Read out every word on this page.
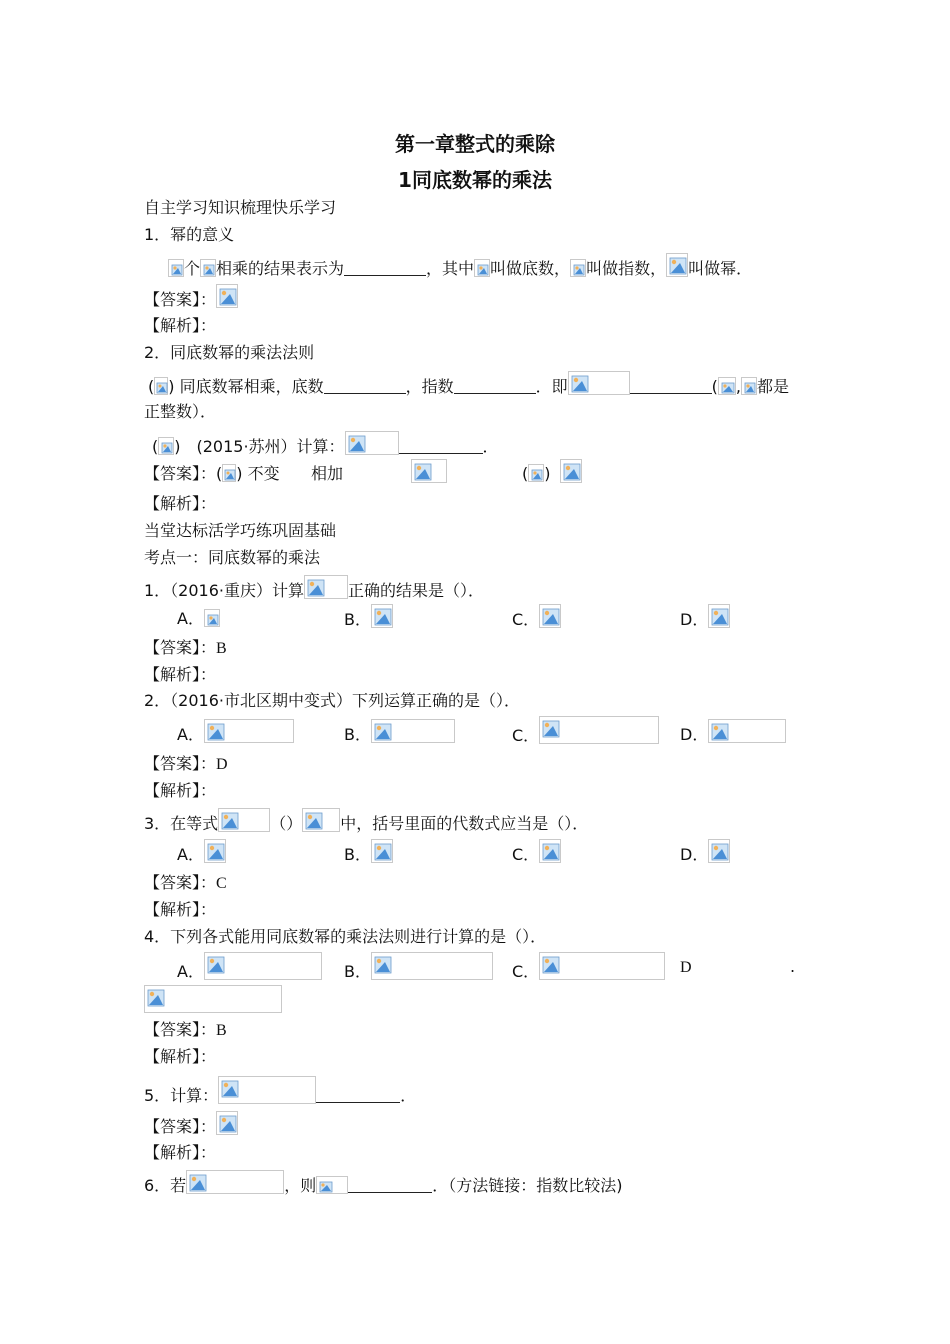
第一章整式的乘除
1同底数幂的乘法
自主学习知识梳理快乐学习
1．幂的意义
个 相乘的结果表示为	，其中 叫做底数， 叫做指数， 叫做幂．
【答案】：
【解析】：
2．同底数幂的乘法法则
( ) 同底数幂相乘，底数	，指数	．即	( , 都是
正整数）．
( )　(2015·苏州）计算：	．
【答案】：( ) 不变 相加	( )
【解析】：
当堂达标活学巧练巩固基础
考点一：同底数幂的乘法
1．（2016·重庆）计算	正确的结果是（）．
A．	B．	C．	D．
【答案】：B
【解析】：
2．（2016·市北区期中变式）下列运算正确的是（）．
A．	B．	C．	D．
【答案】：D
【解析】：
3．在等式	（） 中，括号里面的代数式应当是（）．
A．	B．	C．	D．
【答案】：C
【解析】：
4．下列各式能用同底数幂的乘法法则进行计算的是（）．
A．	B．	C．	D	.
【答案】：B
【解析】：
5．计算：	．
【答案】：
【解析】：
6．若	，则	．（方法链接：指数比较法)
